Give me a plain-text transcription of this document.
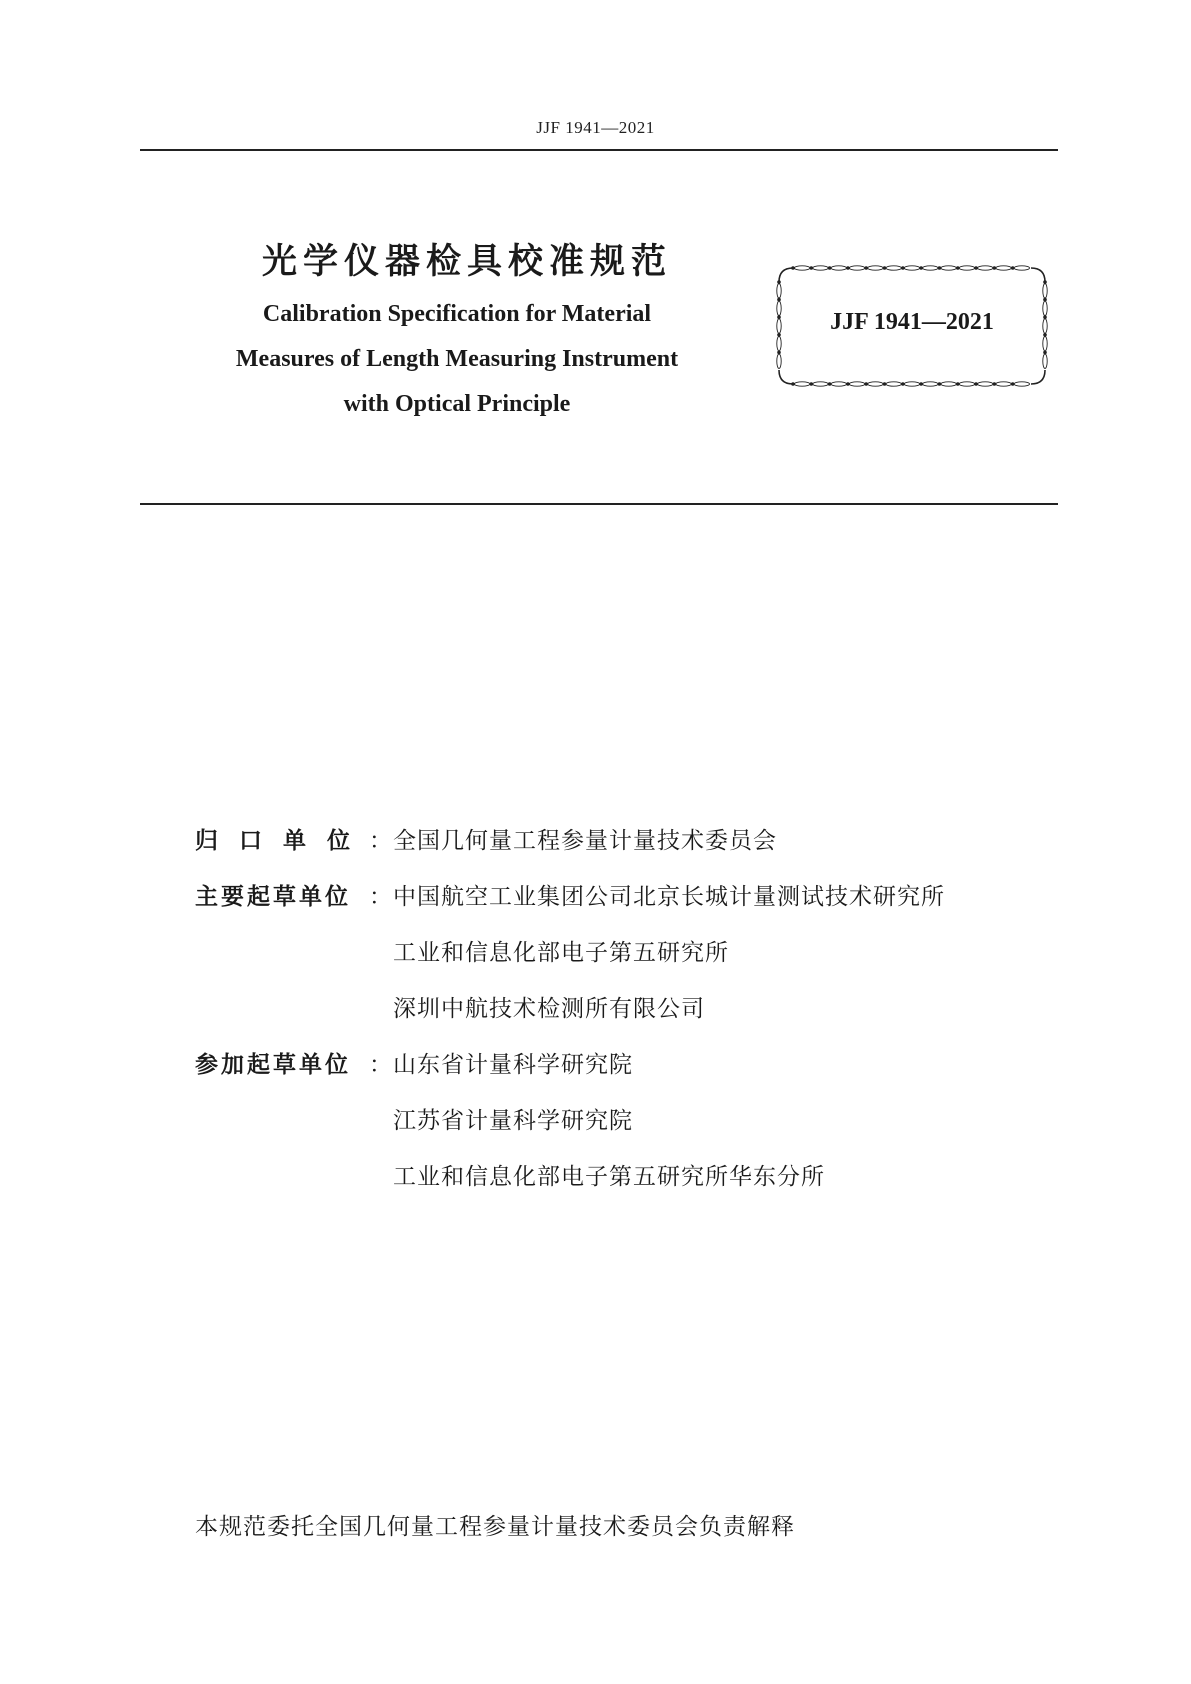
JJF 1941—2021
光学仪器检具校准规范
Calibration Specification for Material
Measures of Length Measuring Instrument
with Optical Principle
JJF 1941—2021
归口单位
： 全国几何量工程参量计量技术委员会
主要起草单位 ： 中国航空工业集团公司北京长城计量测试技术研究所
工业和信息化部电子第五研究所
深圳中航技术检测所有限公司
参加起草单位 ： 山东省计量科学研究院
江苏省计量科学研究院
工业和信息化部电子第五研究所华东分所
本规范委托全国几何量工程参量计量技术委员会负责解释
